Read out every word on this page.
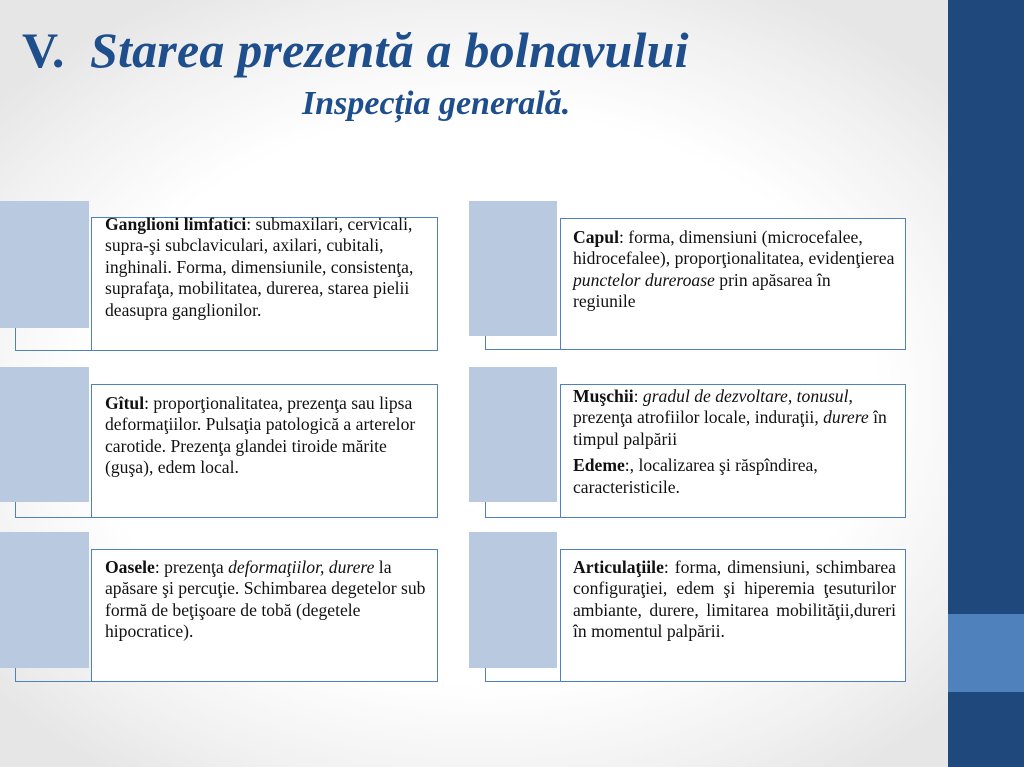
V. Starea prezentă a bolnavului
Inspecția generală.

Ganglioni limfatici: submaxilari, cervicali, supra-şi subclaviculari, axilari, cubitali, inghinali. Forma, dimensiunile, consistenţa, suprafaţa, mobilitatea, durerea, starea pielii deasupra ganglionilor.

Gîtul: proporţionalitatea, prezenţa sau lipsa deformaţiilor. Pulsaţia patologică a arterelor carotide. Prezenţa glandei tiroide mărite (guşa), edem local.

Oasele: prezenţa deformaţiilor, durere la apăsare şi percuţie. Schimbarea degetelor sub formă de beţişoare de tobă (degetele hipocratice).

Capul: forma, dimensiuni (microcefalee, hidrocefalee), proporţionalitatea, evidenţierea punctelor dureroase prin apăsarea în regiunile

Muşchii: gradul de dezvoltare, tonusul, prezenţa atrofiilor locale, induraţii, durere în timpul palpării

Edeme:, localizarea şi răspîndirea, caracteristicile.

Articulaţiile: forma, dimensiuni, schimbarea configuraţiei, edem şi hiperemia ţesuturilor ambiante, durere, limitarea mobilităţii,dureri în momentul palpării.
